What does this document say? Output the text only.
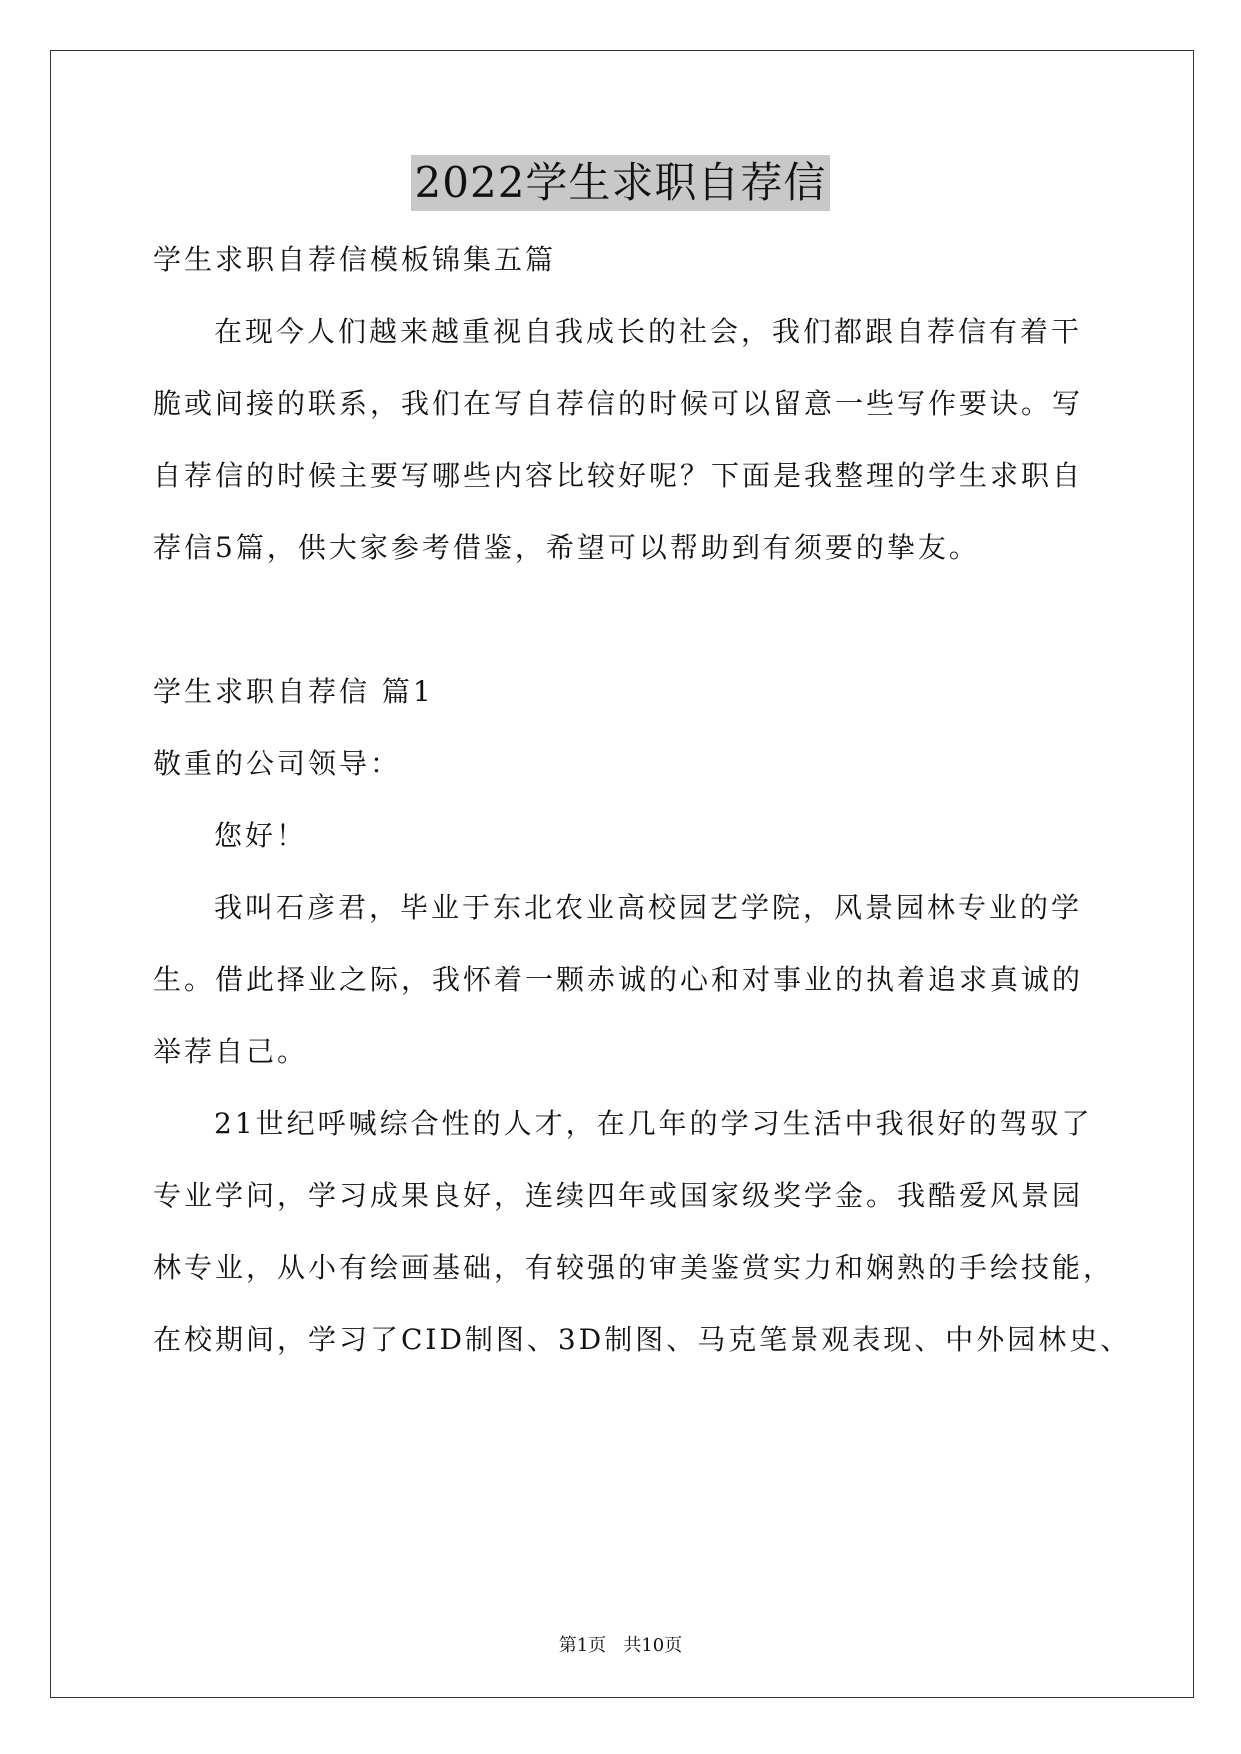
2022学生求职自荐信
学生求职自荐信模板锦集五篇
在现今人们越来越重视自我成长的社会，我们都跟自荐信有着干
脆或间接的联系，我们在写自荐信的时候可以留意一些写作要诀。写
自荐信的时候主要写哪些内容比较好呢？下面是我整理的学生求职自
荐信5篇，供大家参考借鉴，希望可以帮助到有须要的挚友。
学生求职自荐信 篇1
敬重的公司领导：
您好！
我叫石彦君，毕业于东北农业高校园艺学院，风景园林专业的学
生。借此择业之际，我怀着一颗赤诚的心和对事业的执着追求真诚的
举荐自己。
21世纪呼喊综合性的人才，在几年的学习生活中我很好的驾驭了
专业学问，学习成果良好，连续四年或国家级奖学金。我酷爱风景园
林专业，从小有绘画基础，有较强的审美鉴赏实力和娴熟的手绘技能，
在校期间，学习了CID制图、3D制图、马克笔景观表现、中外园林史、
第1页   共10页
